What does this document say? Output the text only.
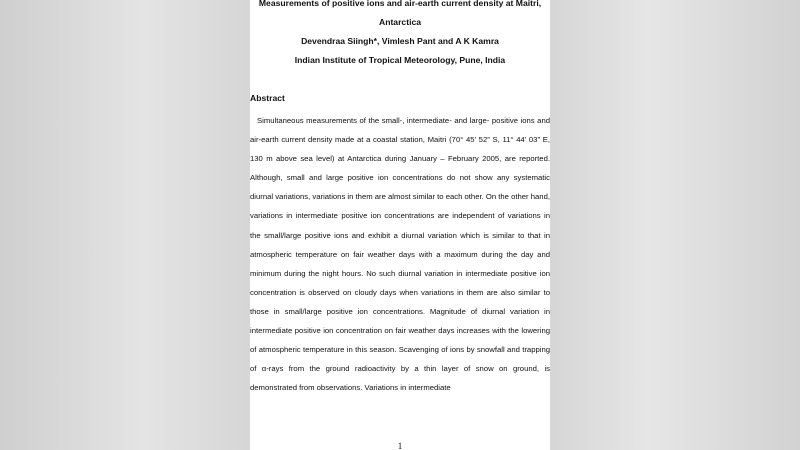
Measurements of positive ions and air-earth current density at Maitri,
Antarctica
Devendraa Siingh*, Vimlesh Pant and A K Kamra
Indian Institute of Tropical Meteorology, Pune, India
Abstract

Simultaneous measurements of the small-, intermediate- and large- positive ions and air-earth current density made at a coastal station, Maitri (70° 45’ 52” S, 11° 44’ 03” E, 130 m above sea level) at Antarctica during January – February 2005, are reported. Although, small and large positive ion concentrations do not show any systematic diurnal variations, variations in them are almost similar to each other. On the other hand, variations in intermediate positive ion concentrations are independent of variations in the small/large positive ions and exhibit a diurnal variation which is similar to that in atmospheric temperature on fair weather days with a maximum during the day and minimum during the night hours. No such diurnal variation in intermediate positive ion concentration is observed on cloudy days when variations in them are also similar to those in small/large positive ion concentrations. Magnitude of diurnal variation in intermediate positive ion concentration on fair weather days increases with the lowering of atmospheric temperature in this season. Scavenging of ions by snowfall and trapping of α-rays from the ground radioactivity by a thin layer of snow on ground, is demonstrated from observations. Variations in intermediate

1
